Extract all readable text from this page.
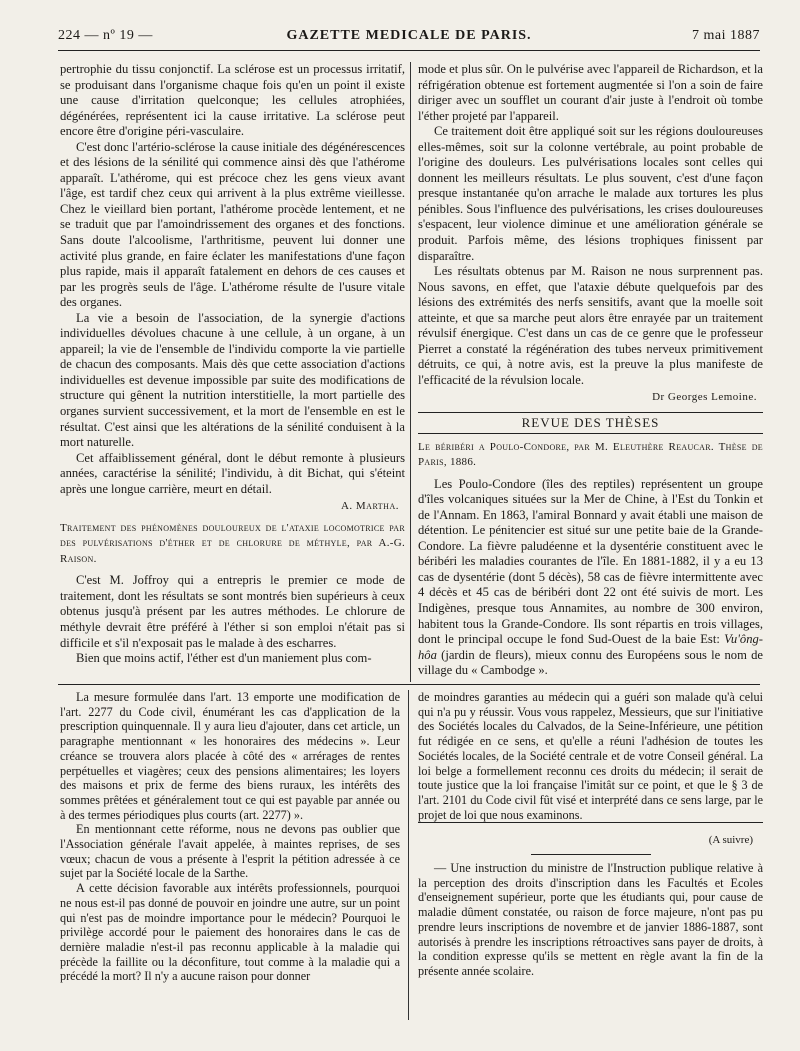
224 — nº 19 —	GAZETTE MEDICALE DE PARIS.	7 mai 1887

pertrophie du tissu conjonctif. La sclérose est un processus irritatif, se produisant dans l'organisme chaque fois qu'en un point il existe une cause d'irritation quelconque; les cellules atrophiées, dégénérées, représentent ici la cause irritative. La sclérose peut encore être d'origine péri-vasculaire.

C'est donc l'artério-sclérose la cause initiale des dégénérescences et des lésions de la sénilité qui commence ainsi dès que l'athérome apparaît. L'athérome, qui est précoce chez les gens vieux avant l'âge, est tardif chez ceux qui arrivent à la plus extrême vieillesse. Chez le vieillard bien portant, l'athérome procède lentement, et ne se traduit que par l'amoindrissement des organes et des fonctions. Sans doute l'alcoolisme, l'arthritisme, peuvent lui donner une activité plus grande, en faire éclater les manifestations d'une façon plus rapide, mais il apparaît fatalement en dehors de ces causes et par les progrès seuls de l'âge. L'athérome résulte de l'usure vitale des organes.

La vie a besoin de l'association, de la synergie d'actions individuelles dévolues chacune à une cellule, à un organe, à un appareil; la vie de l'ensemble de l'individu comporte la vie partielle de chacun des composants. Mais dès que cette association d'actions individuelles est devenue impossible par suite des modifications de structure qui gênent la nutrition interstitielle, la mort partielle des organes survient successivement, et la mort de l'ensemble en est le résultat. C'est ainsi que les altérations de la sénilité conduisent à la mort naturelle.

Cet affaiblissement général, dont le début remonte à plusieurs années, caractérise la sénilité; l'individu, à dit Bichat, qui s'éteint après une longue carrière, meurt en détail.

A. Martha.

Traitement des phénomènes douloureux de l'ataxie locomotrice par des pulvérisations d'éther et de chlorure de méthyle, par A.-G. Raison.

C'est M. Joffroy qui a entrepris le premier ce mode de traitement, dont les résultats se sont montrés bien supérieurs à ceux obtenus jusqu'à présent par les autres méthodes. Le chlorure de méthyle devrait être préféré à l'éther si son emploi n'était pas si difficile et s'il n'exposait pas le malade à des escharres.

Bien que moins actif, l'éther est d'un maniement plus com-

mode et plus sûr. On le pulvérise avec l'appareil de Richardson, et la réfrigération obtenue est fortement augmentée si l'on a soin de faire diriger avec un soufflet un courant d'air juste à l'endroit où tombe l'éther projeté par l'appareil.

Ce traitement doit être appliqué soit sur les régions douloureuses elles-mêmes, soit sur la colonne vertébrale, au point probable de l'origine des douleurs. Les pulvérisations locales sont celles qui donnent les meilleurs résultats. Le plus souvent, c'est d'une façon presque instantanée qu'on arrache le malade aux tortures les plus pénibles. Sous l'influence des pulvérisations, les crises douloureuses s'espacent, leur violence diminue et une amélioration générale se produit. Parfois même, des lésions trophiques finissent par disparaître.

Les résultats obtenus par M. Raison ne nous surprennent pas. Nous savons, en effet, que l'ataxie débute quelquefois par des lésions des extrémités des nerfs sensitifs, avant que la moelle soit atteinte, et que sa marche peut alors être enrayée par un traitement révulsif énergique. C'est dans un cas de ce genre que le professeur Pierret a constaté la régénération des tubes nerveux primitivement détruits, ce qui, à notre avis, est la preuve la plus manifeste de l'efficacité de la révulsion locale.

Dr Georges Lemoine.

REVUE DES THÈSES

Le béribéri a Poulo-Condore, par M. Eleuthère Reaucar. Thèse de Paris, 1886.

Les Poulo-Condore (îles des reptiles) représentent un groupe d'îles volcaniques situées sur la Mer de Chine, à l'Est du Tonkin et de l'Annam. En 1863, l'amiral Bonnard y avait établi une maison de détention. Le pénitencier est situé sur une petite baie de la Grande-Condore. La fièvre paludéenne et la dysentérie constituent avec le béribéri les maladies courantes de l'île. En 1881-1882, il y a eu 13 cas de dysentérie (dont 5 décès), 58 cas de fièvre intermittente avec 4 décès et 45 cas de béribéri dont 22 ont été suivis de mort. Les Indigènes, presque tous Annamites, au nombre de 300 environ, habitent tous la Grande-Condore. Ils sont répartis en trois villages, dont le principal occupe le fond Sud-Ouest de la baie Est: Vu'ông-hôa (jardin de fleurs), mieux connu des Européens sous le nom de village du « Cambodge ».

La mesure formulée dans l'art. 13 emporte une modification de l'art. 2277 du Code civil, énumérant les cas d'application de la prescription quinquennale. Il y aura lieu d'ajouter, dans cet article, un paragraphe mentionnant « les honoraires des médecins ». Leur créance se trouvera alors placée à côté des « arrérages de rentes perpétuelles et viagères; ceux des pensions alimentaires; les loyers des maisons et prix de ferme des biens ruraux, les intérêts des sommes prêtées et généralement tout ce qui est payable par année ou à des termes périodiques plus courts (art. 2277) ».

En mentionnant cette réforme, nous ne devons pas oublier que l'Association générale l'avait appelée, à maintes reprises, de ses vœux; chacun de vous a présente à l'esprit la pétition adressée à ce sujet par la Société locale de la Sarthe.

A cette décision favorable aux intérêts professionnels, pourquoi ne nous est-il pas donné de pouvoir en joindre une autre, sur un point qui n'est pas de moindre importance pour le médecin? Pourquoi le privilège accordé pour le paiement des honoraires dans le cas de dernière maladie n'est-il pas reconnu applicable à la maladie qui précède la faillite ou la déconfiture, tout comme à la maladie qui a précédé la mort? Il n'y a aucune raison pour donner

de moindres garanties au médecin qui a guéri son malade qu'à celui qui n'a pu y réussir. Vous vous rappelez, Messieurs, que sur l'initiative des Sociétés locales du Calvados, de la Seine-Inférieure, une pétition fut rédigée en ce sens, et qu'elle a réuni l'adhésion de toutes les Sociétés locales, de la Société centrale et de votre Conseil général. La loi belge a formellement reconnu ces droits du médecin; il serait de toute justice que la loi française l'imitât sur ce point, et que le § 3 de l'art. 2101 du Code civil fût visé et interprété dans ce sens large, par le projet de loi que nous examinons.

(A suivre)

— Une instruction du ministre de l'Instruction publique relative à la perception des droits d'inscription dans les Facultés et Ecoles d'enseignement supérieur, porte que les étudiants qui, pour cause de maladie dûment constatée, ou raison de force majeure, n'ont pas pu prendre leurs inscriptions de novembre et de janvier 1886-1887, sont autorisés à prendre les inscriptions rétroactives sans payer de droits, à la condition expresse qu'ils se mettent en règle avant la fin de la présente année scolaire.
